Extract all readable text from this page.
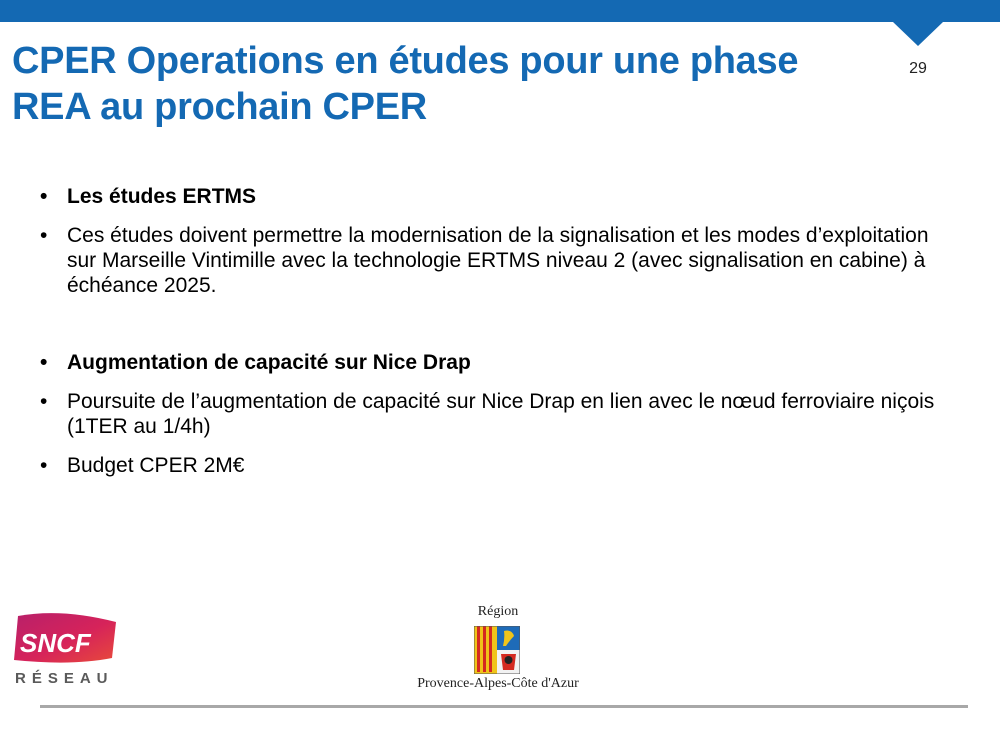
29
CPER Operations en études pour une phase REA au prochain CPER
• Les études ERTMS
• Ces études doivent permettre la modernisation de la signalisation et les modes d’exploitation sur Marseille Vintimille avec la technologie ERTMS niveau 2 (avec signalisation en cabine) à échéance 2025.
• Augmentation de capacité sur Nice Drap
• Poursuite de l’augmentation de capacité sur Nice Drap en lien avec le nœud ferroviaire niçois (1TER au 1/4h)
• Budget CPER 2M€
SNCF
RÉSEAU
Région
Provence-Alpes-Côte d'Azur
